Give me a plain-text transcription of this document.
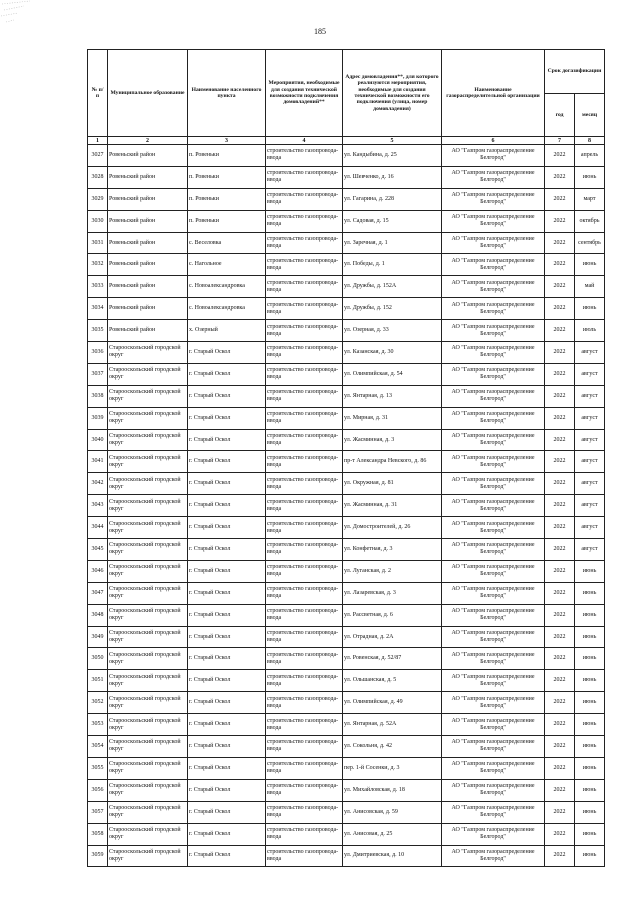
185
№ п/п	Муниципальное образование	Наименование населенного пункта	Мероприятия, необходимые для создания технической возможности подключения домовладений**	Адрес домовладения**, для которого реализуются мероприятия, необходимые для создания технической возможности его подключения (улица, номер домовладения)	Наименование газораспределительной организации	Срок догазификации	
						год	месяц
1	2	3	4	5	6	7	8
3027	Ровеньский район	п. Ровеньки	строительство газопровода-ввода	ул. Кандыбина, д. 25	АО "Газпром газораспределение Белгород"	2022	апрель
3028	Ровеньский район	п. Ровеньки	строительство газопровода-ввода	ул. Шевченко, д. 16	АО "Газпром газораспределение Белгород"	2022	июнь
3029	Ровеньский район	п. Ровеньки	строительство газопровода-ввода	ул. Гагарина, д. 228	АО "Газпром газораспределение Белгород"	2022	март
3030	Ровеньский район	п. Ровеньки	строительство газопровода-ввода	ул. Садовая, д. 15	АО "Газпром газораспределение Белгород"	2022	октябрь
3031	Ровеньский район	с. Веселовка	строительство газопровода-ввода	ул. Заречная, д. 1	АО "Газпром газораспределение Белгород"	2022	сентябрь
3032	Ровеньский район	с. Нагольное	строительство газопровода-ввода	ул. Победы, д. 1	АО "Газпром газораспределение Белгород"	2022	июнь
3033	Ровеньский район	с. Новоалександровка	строительство газопровода-ввода	ул. Дружбы, д. 152А	АО "Газпром газораспределение Белгород"	2022	май
3034	Ровеньский район	с. Новоалександровка	строительство газопровода-ввода	ул. Дружбы, д. 152	АО "Газпром газораспределение Белгород"	2022	июнь
3035	Ровеньский район	х. Озерный	строительство газопровода-ввода	ул. Озерная, д. 33	АО "Газпром газораспределение Белгород"	2022	июль
3036	Старооскольский городской округ	г. Старый Оскол	строительство газопровода-ввода	ул. Казанская, д. 30	АО "Газпром газораспределение Белгород"	2022	август
3037	Старооскольский городской округ	г. Старый Оскол	строительство газопровода-ввода	ул. Олимпийская, д. 54	АО "Газпром газораспределение Белгород"	2022	август
3038	Старооскольский городской округ	г. Старый Оскол	строительство газопровода-ввода	ул. Янтарная, д. 13	АО "Газпром газораспределение Белгород"	2022	август
3039	Старооскольский городской округ	г. Старый Оскол	строительство газопровода-ввода	ул. Мирная, д. 31	АО "Газпром газораспределение Белгород"	2022	август
3040	Старооскольский городской округ	г. Старый Оскол	строительство газопровода-ввода	ул. Жасминная, д. 3	АО "Газпром газораспределение Белгород"	2022	август
3041	Старооскольский городской округ	г. Старый Оскол	строительство газопровода-ввода	пр-т Александра Невского, д. 86	АО "Газпром газораспределение Белгород"	2022	август
3042	Старооскольский городской округ	г. Старый Оскол	строительство газопровода-ввода	ул. Окружная, д. 81	АО "Газпром газораспределение Белгород"	2022	август
3043	Старооскольский городской округ	г. Старый Оскол	строительство газопровода-ввода	ул. Жасминная, д. 31	АО "Газпром газораспределение Белгород"	2022	август
3044	Старооскольский городской округ	г. Старый Оскол	строительство газопровода-ввода	ул. Домостроителей, д. 26	АО "Газпром газораспределение Белгород"	2022	август
3045	Старооскольский городской округ	г. Старый Оскол	строительство газопровода-ввода	ул. Конфетная, д. 3	АО "Газпром газораспределение Белгород"	2022	август
3046	Старооскольский городской округ	г. Старый Оскол	строительство газопровода-ввода	ул. Луганская, д. 2	АО "Газпром газораспределение Белгород"	2022	июнь
3047	Старооскольский городской округ	г. Старый Оскол	строительство газопровода-ввода	ул. Лазаревская, д. 3	АО "Газпром газораспределение Белгород"	2022	июнь
3048	Старооскольский городской округ	г. Старый Оскол	строительство газопровода-ввода	ул. Рассветная, д. 6	АО "Газпром газораспределение Белгород"	2022	июнь
3049	Старооскольский городской округ	г. Старый Оскол	строительство газопровода-ввода	ул. Отрадная, д. 2А	АО "Газпром газораспределение Белгород"	2022	июнь
3050	Старооскольский городской округ	г. Старый Оскол	строительство газопровода-ввода	ул. Ровенская, д. 52/87	АО "Газпром газораспределение Белгород"	2022	июнь
3051	Старооскольский городской округ	г. Старый Оскол	строительство газопровода-ввода	ул. Ольшанская, д. 5	АО "Газпром газораспределение Белгород"	2022	июнь
3052	Старооскольский городской округ	г. Старый Оскол	строительство газопровода-ввода	ул. Олимпийская, д. 49	АО "Газпром газораспределение Белгород"	2022	июнь
3053	Старооскольский городской округ	г. Старый Оскол	строительство газопровода-ввода	ул. Янтарная, д. 52А	АО "Газпром газораспределение Белгород"	2022	июнь
3054	Старооскольский городской округ	г. Старый Оскол	строительство газопровода-ввода	ул. Сокольня, д. 42	АО "Газпром газораспределение Белгород"	2022	июнь
3055	Старооскольский городской округ	г. Старый Оскол	строительство газопровода-ввода	пер. 1-й Сосенки, д. 3	АО "Газпром газораспределение Белгород"	2022	июнь
3056	Старооскольский городской округ	г. Старый Оскол	строительство газопровода-ввода	ул. Михайловская, д. 18	АО "Газпром газораспределение Белгород"	2022	июнь
3057	Старооскольский городской округ	г. Старый Оскол	строительство газопровода-ввода	ул. Анисовская, д. 59	АО "Газпром газораспределение Белгород"	2022	июнь
3058	Старооскольский городской округ	г. Старый Оскол	строительство газопровода-ввода	ул. Анисовая, д. 25	АО "Газпром газораспределение Белгород"	2022	июнь
3059	Старооскольский городской округ	г. Старый Оскол	строительство газопровода-ввода	ул. Дмитриевская, д. 10	АО "Газпром газораспределение Белгород"	2022	июнь
